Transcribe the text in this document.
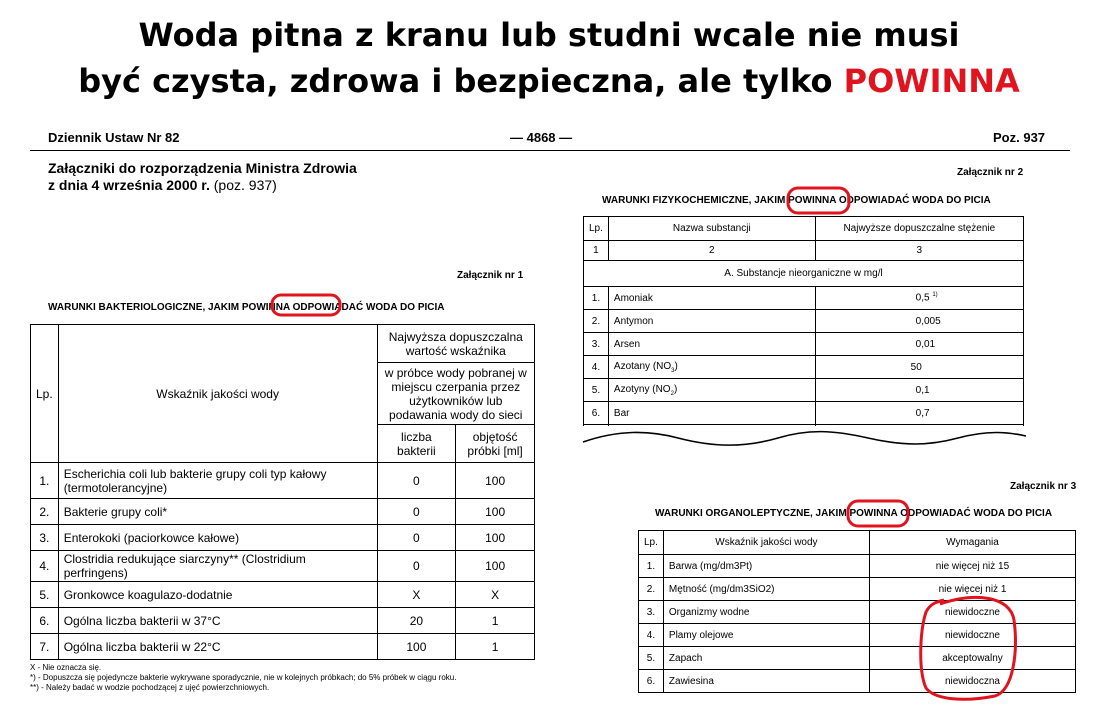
Woda pitna z kranu lub studni wcale nie musi
być czysta, zdrowa i bezpieczna, ale tylko POWINNA
Dziennik Ustaw Nr 82	— 4868 —	Poz. 937
Załączniki do rozporządzenia Ministra Zdrowia
z dnia 4 września 2000 r. (poz. 937)
Załącznik nr 1
WARUNKI BAKTERIOLOGICZNE, JAKIM POWINNA ODPOWIADAĆ WODA DO PICIA
Lp.	Wskaźnik jakości wody	Najwyższa dopuszczalna wartość wskaźnika	
		w próbce wody pobranej w miejscu czerpania przez użytkowników lub podawania wody do sieci	
		liczba bakterii	objętość próbki [ml]
1.	Escherichia coli lub bakterie grupy coli typ kałowy (termotolerancyjne)	0	100
2.	Bakterie grupy coli*	0	100
3.	Enterokoki (paciorkowce kałowe)	0	100
4.	Clostridia redukujące siarczyny** (Clostridium perfringens)	0	100
5.	Gronkowce koagulazo-dodatnie	X	X
6.	Ogólna liczba bakterii w 37°C	20	1
7.	Ogólna liczba bakterii w 22°C	100	1
X - Nie oznacza się.
*) - Dopuszcza się pojedyncze bakterie wykrywane sporadycznie, nie w kolejnych próbkach; do 5% próbek w ciągu roku.
**) - Należy badać w wodzie pochodzącej z ujęć powierzchniowych.
Załącznik nr 2
WARUNKI FIZYKOCHEMICZNE, JAKIM POWINNA ODPOWIADAĆ WODA DO PICIA
Lp.	Nazwa substancji	Najwyższe dopuszczalne stężenie
1	2	3
A. Substancje nieorganiczne w mg/l		
1.	Amoniak	0,5 $^{1)}$
2.	Antymon	0,005
3.	Arsen	0,01
4.	Azotany $(NO_3)$	50
5.	Azotyny $(NO_2)$	0,1
6.	Bar	0,7

Załącznik nr 3
WARUNKI ORGANOLEPTYCZNE, JAKIM POWINNA ODPOWIADAĆ WODA DO PICIA
Lp.	Wskaźnik jakości wody	Wymagania
1.	Barwa (mg/dm3Pt)	nie więcej niż 15
2.	Mętność (mg/dm3SiO2)	nie więcej niż 1
3.	Organizmy wodne	niewidoczne
4.	Plamy olejowe	niewidoczne
5.	Zapach	akceptowalny
6.	Zawiesina	niewidoczna
